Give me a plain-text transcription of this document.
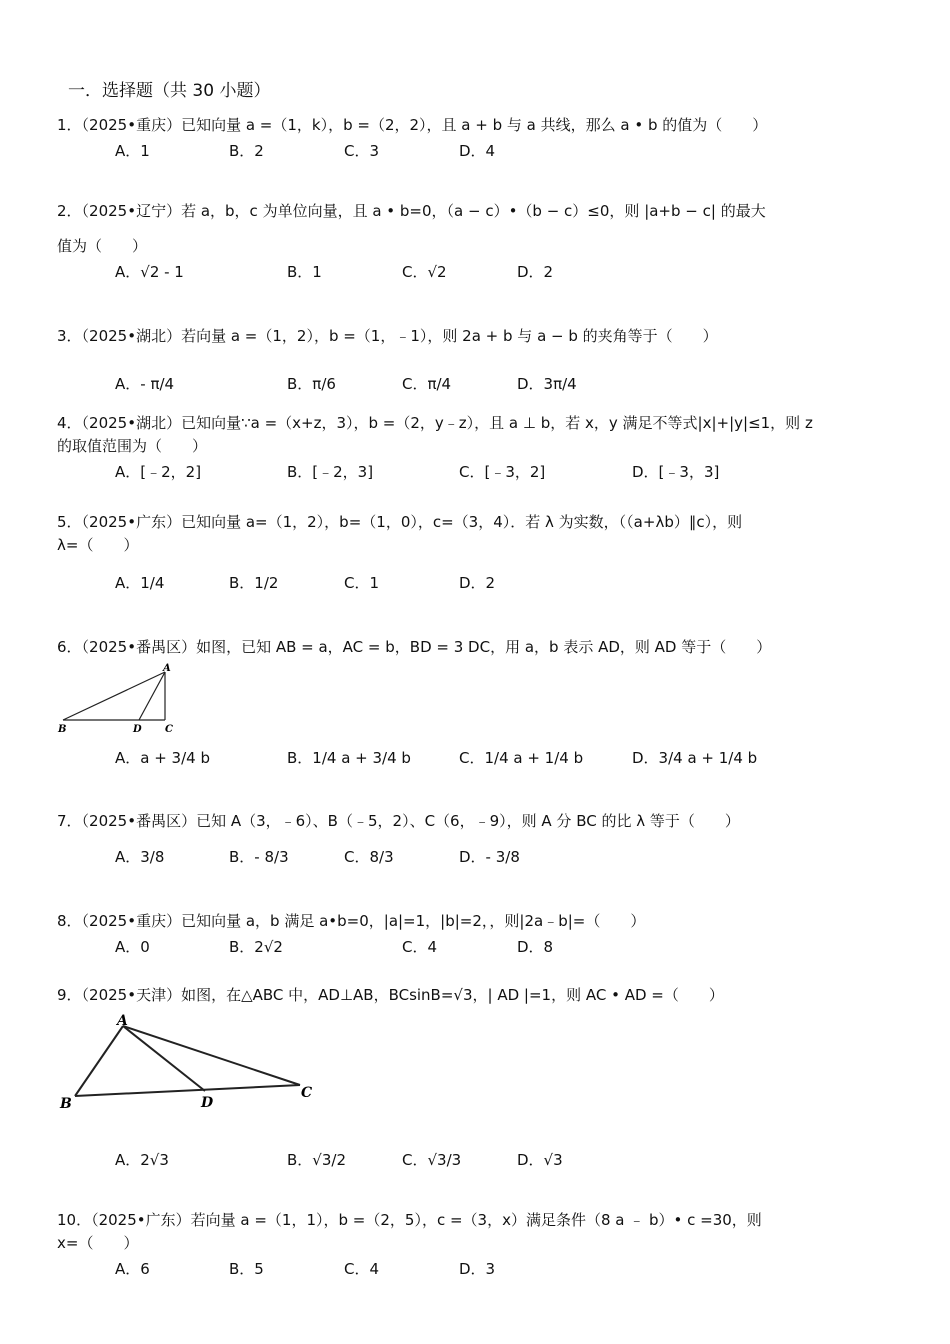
一．选择题（共 30 小题）
1．（2025•重庆）已知向量 a =（1，k），b =（2，2），且 a + b 与 a 共线，那么 a • b 的值为（　　）
A．1	B．2	C．3	D．4
2．（2025•辽宁）若 a，b，c 为单位向量，且 a • b=0，（a − c）•（b − c）≤0，则 |a+b − c| 的最大
值为（　　）
A．√2 - 1	B．1	C．√2	D．2
3．（2025•湖北）若向量 a =（1，2），b =（1，﹣1），则 2a + b 与 a − b 的夹角等于（　　）
A．- π/4	B．π/6	C．π/4	D．3π/4
4．（2025•湖北）已知向量∵a =（x+z，3），b =（2，y﹣z），且 a ⊥ b，若 x，y 满足不等式|x|+|y|≤1，则 z
的取值范围为（　　）
A．[﹣2，2]	B．[﹣2，3]	C．[﹣3，2]	D．[﹣3，3]
5．（2025•广东）已知向量 a=（1，2），b=（1，0），c=（3，4）．若 λ 为实数，（（a+λb）∥c），则
λ=（　　）
A．1/4	B．1/2	C．1	D．2
6．（2025•番禺区）如图，已知 AB = a，AC = b，BD = 3 DC，用 a，b 表示 AD，则 AD 等于（　　）
A
B	D C
A．a + 3/4 b	B．1/4 a + 3/4 b	C．1/4 a + 1/4 b	D．3/4 a + 1/4 b
7．（2025•番禺区）已知 A（3，﹣6）、B（﹣5，2）、C（6，﹣9），则 A 分 BC 的比 λ 等于（　　）
A．3/8	B．- 8/3	C．8/3	D．- 3/8
8．（2025•重庆）已知向量 a，b 满足 a•b=0，|a|=1，|b|=2，，则|2a﹣b|=（　　）
A．0	B．2√2	C．4	D．8
9．（2025•天津）如图，在△ABC 中，AD⊥AB，BCsinB=√3，| AD |=1，则 AC • AD =（　　）
A
B	D
C
A．2√3	B．√3/2	C．√3/3	D．√3
10．（2025•广东）若向量 a =（1，1），b =（2，5），c =（3，x）满足条件（8 a ﹣ b）• c =30，则
x=（　　）
A．6	B．5	C．4	D．3
